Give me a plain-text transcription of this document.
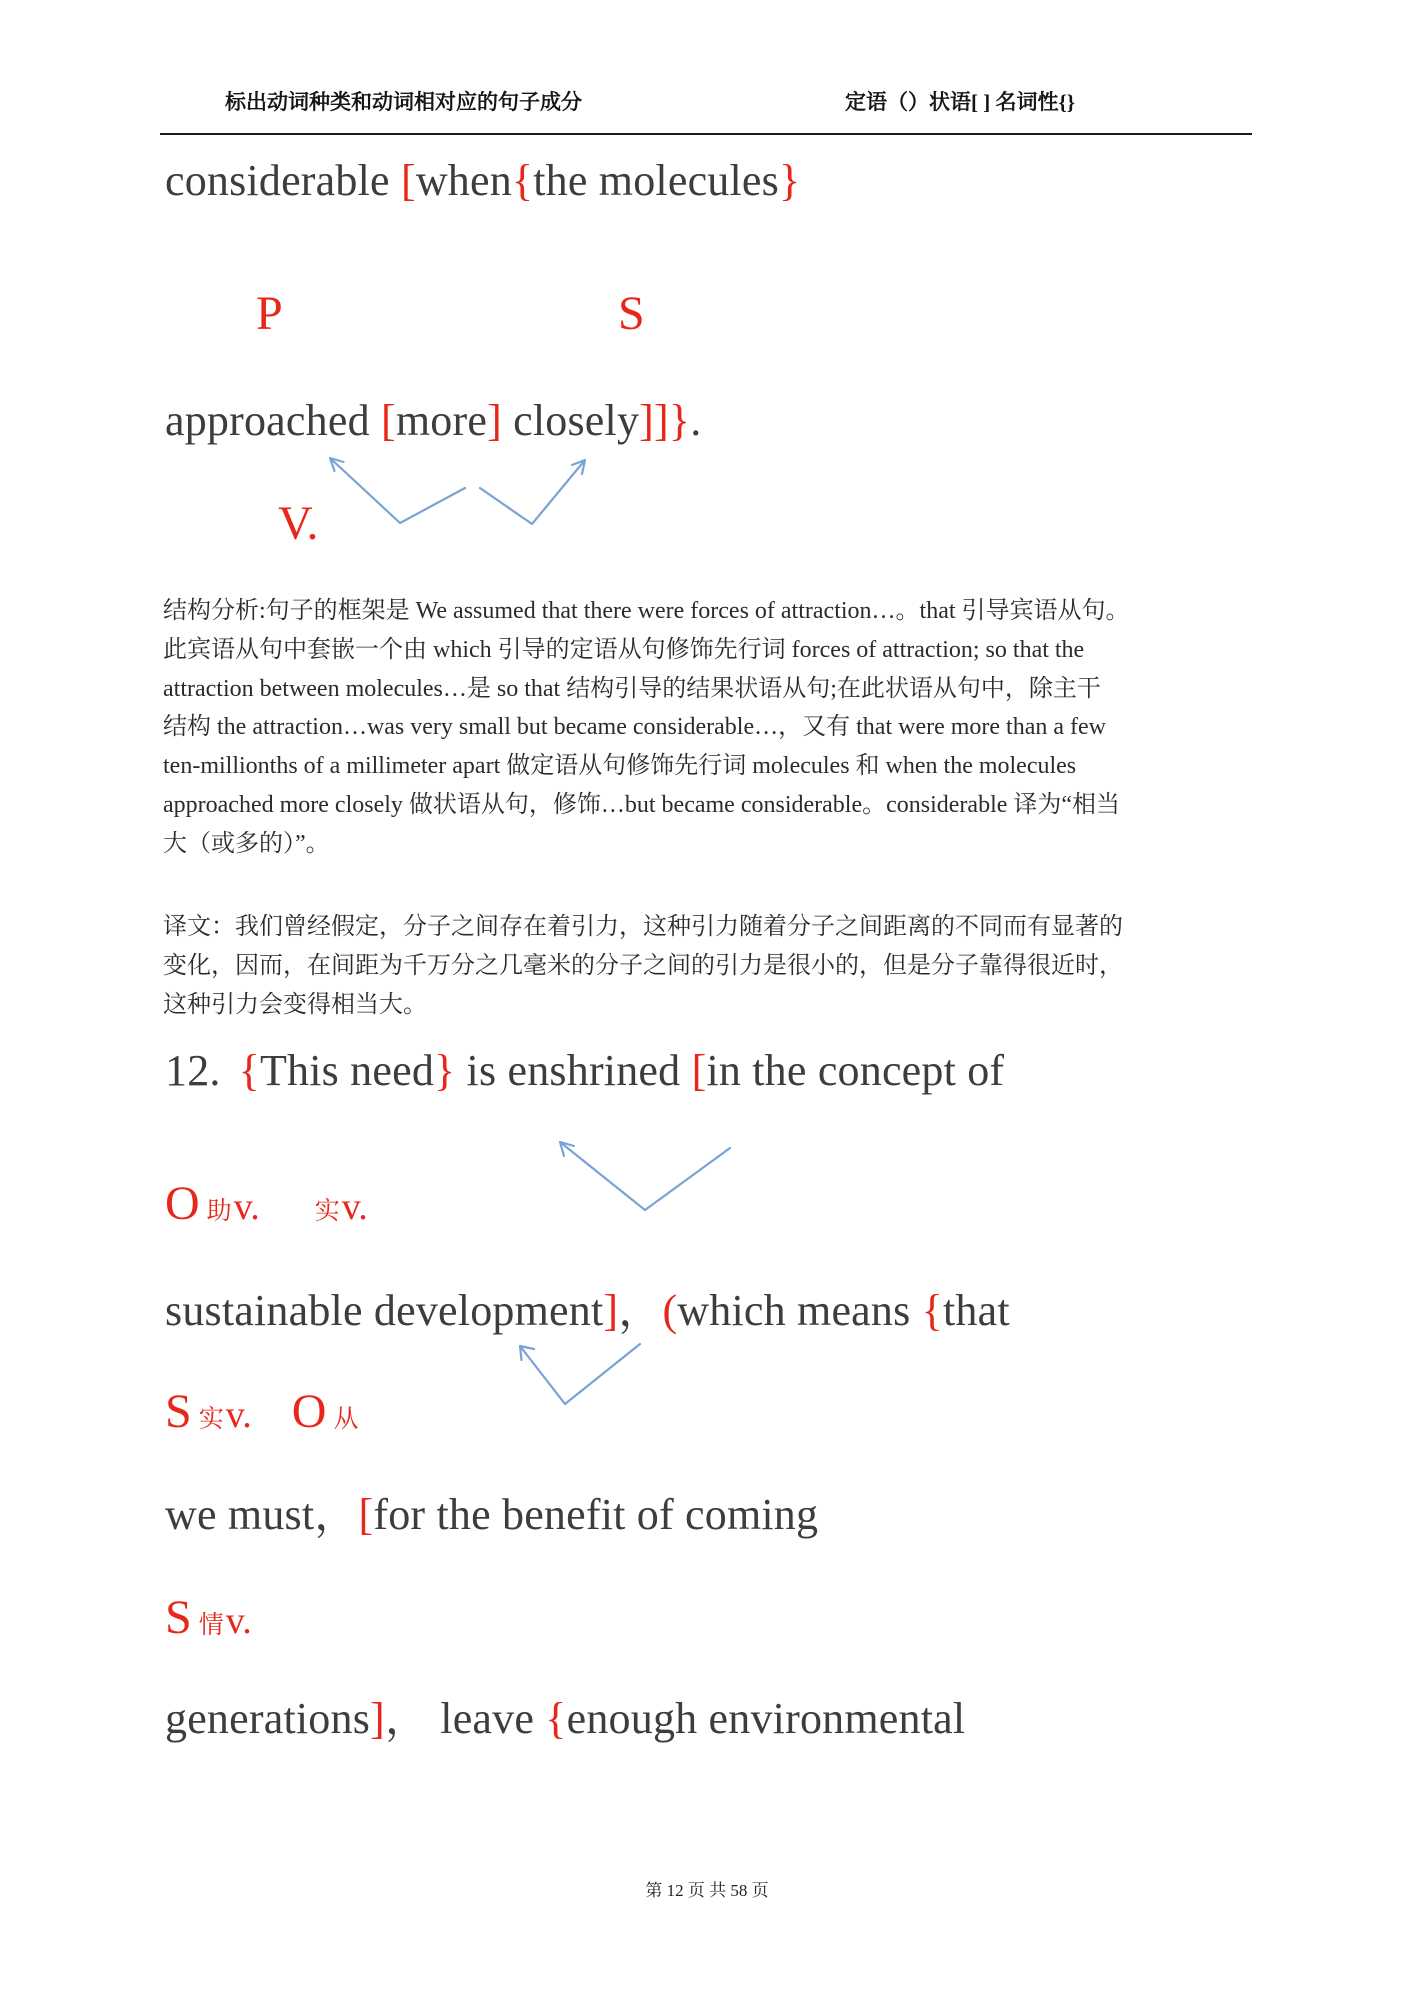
标出动词种类和动词相对应的句子成分	定语（）状语[ ] 名词性{}
considerable [when{the molecules}
P	S
approached [more] closely]]}.
V.
结构分析:句子的框架是 We assumed that there were forces of attraction…。that 引导宾语从句。
此宾语从句中套嵌一个由 which 引导的定语从句修饰先行词 forces of attraction; so that the
attraction between molecules…是 so that 结构引导的结果状语从句;在此状语从句中，除主干
结构 the attraction…was very small but became considerable…，又有 that were more than a few
ten-millionths of a millimeter apart 做定语从句修饰先行词 molecules 和 when the molecules
approached more closely 做状语从句，修饰…but became considerable。considerable 译为“相当
大（或多的）”。
译文：我们曾经假定，分子之间存在着引力，这种引力随着分子之间距离的不同而有显著的
变化，因而，在间距为千万分之几毫米的分子之间的引力是很小的，但是分子靠得很近时，
这种引力会变得相当大。
12. {This need} is enshrined [in the concept of
O助v. 实v.
sustainable development]，(which means {that
S实v. O 从
we must，[for the benefit of coming
S情v.
generations]， leave {enough environmental
第 12 页 共 58 页
